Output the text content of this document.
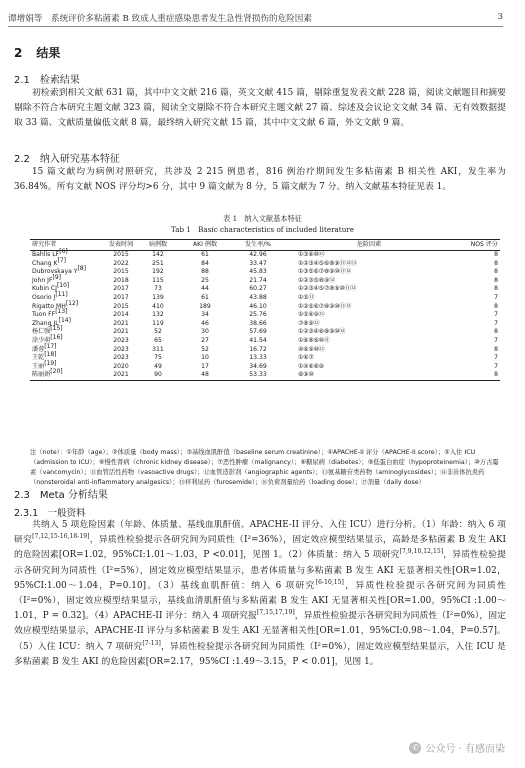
谭增娟等　系统评价多粘菌素 B 致成人重症感染患者发生急性肾损伤的危险因素	3
2 结果
2.1　检索结果
初检索到相关文献 631 篇，其中中文文献 216 篇，英文文献 415 篇，剔除重复发表文献 228 篇，阅读文献题目和摘要剔除不符合本研究主题文献 323 篇，阅读全文剔除不符合本研究主题文献 27 篇、综述及会议论文文献 34 篇、无有效数据提取 33 篇、文献质量偏低文献 8 篇，最终纳入研究文献 15 篇，其中中文文献 6 篇，外文文献 9 篇。
2.2　纳入研究基本特征
15 篇文献均为病例对照研究，共涉及 2 215 例患者，816 例治疗期间发生多粘菌素 B 相关性 AKI，发生率为 36.84%。所有文献 NOS 评分均>6 分，其中 9 篇文献为 8 分，5 篇文献为 7 分。纳入文献基本特征见表 1。
表 1　纳入文献基本特征
Tab 1　Basic characteristics of included literature
研究作者	发表时间	病例数	AKI 例数	发生率/%	危险因素	NOS 评分
Bahlis LF[6]	2015	142	61	42.96	①③⑥⑩⑫	8
Chang K[7]	2022	251	84	33.47	①②③④⑤⑥⑧⑨⑪⑫⑬	8
Dubrovskaya Y[8]	2015	192	88	45.83	①③⑤⑥⑦⑧⑨⑩⑪⑫	8
John JF[9]	2018	115	25	21.74	①②③⑤⑧⑨⑫	8
Kubin CJ[10]	2017	73	44	60.27	①②③④⑤⑦⑧⑨⑩⑪⑫	8
Osorio J[11]	2017	139	61	43.88	①⑤⑪	7
Rigatto MH[12]	2015	410	189	46.10	①②⑤⑥⑦⑧⑨⑩⑪⑫	8
Tuon FF[13]	2014	132	34	25.76	①⑤⑥⑨⑫	7
Zhang JL[14]	2021	119	46	38.66	⑦⑧⑨⑫	7
杨仁强[15]	2021	52	30	57.69	①②③④⑥⑧⑨⑩⑫	8
涂少萌[16]	2023	65	27	41.54	①⑥⑧⑨⑩⑪	7
潘蓉[17]	2023	311	52	16.72	④⑥⑨⑩⑫	8
王乾[18]	2023	75	10	13.33	①⑥⑦	7
王丽[19]	2020	49	17	34.69	①④⑥⑧⑨	7
陈丽娟[20]	2021	90	48	53.33	⑥⑨⑩	8
注（note）：①年龄（age）；②体质量（body mass）；③基线血肌酐值（baseline serum creatinine）；④APACHE-II 评分（APACHE-II score）；⑤入住 ICU（admission to ICU）；⑥慢性肾病（chronic kidney disease）；⑦恶性肿瘤（malignancy）；⑧糖尿病（diabetes）；⑨低蛋白血症（hypoproteinemia）；⑩万古霉素（vancomycin）；⑪血管活性药物（vasoactive drugs）；⑫血管造影剂（angiographic agents）；⑬氨基糖苷类药物（aminoglycosides）；⑭非甾体抗炎药（nonsteroidal anti-inflammatory analgesics）；⑮袢利尿药（furosemide）；⑯负荷剂量给药（loading dose）；⑰剂量（daily dose）
2.3　Meta 分析结果
2.3.1　一般资料
共纳入 5 项危险因素（年龄、体质量、基线血肌酐值、APACHE-II 评分、入住 ICU）进行分析。（1）年龄：纳入 6 项研究[7,12,15-16,18-19]，异质性检验提示各研究间为同质性（I²=36%），固定效应模型结果显示，高龄是多粘菌素 B 发生 AKI 的危险因素[OR=1.02，95%CI:1.01～1.03，P <0.01]，见图 1。（2）体质量：纳入 5 项研究[7,9,10,12,15]，异质性检验提示各研究间为同质性（I²=5%），固定效应模型结果显示，患者体质量与多粘菌素 B 发生 AKI 无显著相关性[OR=1.02，95%CI:1.00～1.04，P=0.10]。（3）基线血肌酐值：纳入 6 项研究[6-10,15]，异质性检验提示各研究间为同质性（I²=0%），固定效应模型结果显示，基线血清肌酐值与多粘菌素 B 发生 AKI 无显著相关性[OR=1.00，95%CI :1.00～1.01，P = 0.32]。（4）APACHE-II 评分：纳入 4 项研究报[7,15,17,19]，异质性检验提示各研究间为同质性（I²=0%），固定效应模型结果显示，APACHE-II 评分与多粘菌素 B 发生 AKI 无显著相关性[OR=1.01，95%CI:0.98～1.04，P=0.57]。（5）入住 ICU：纳入 7 项研究[7-13]，异质性检验提示各研究间为同质性（I²=0%），固定效应模型结果显示，入住 ICU 是多粘菌素 B 发生 AKI 的危险因素[OR=2.17，95%CI :1.49～3.15，P < 0.01]，见图 1。
✆ 公众号 · 有感而染
